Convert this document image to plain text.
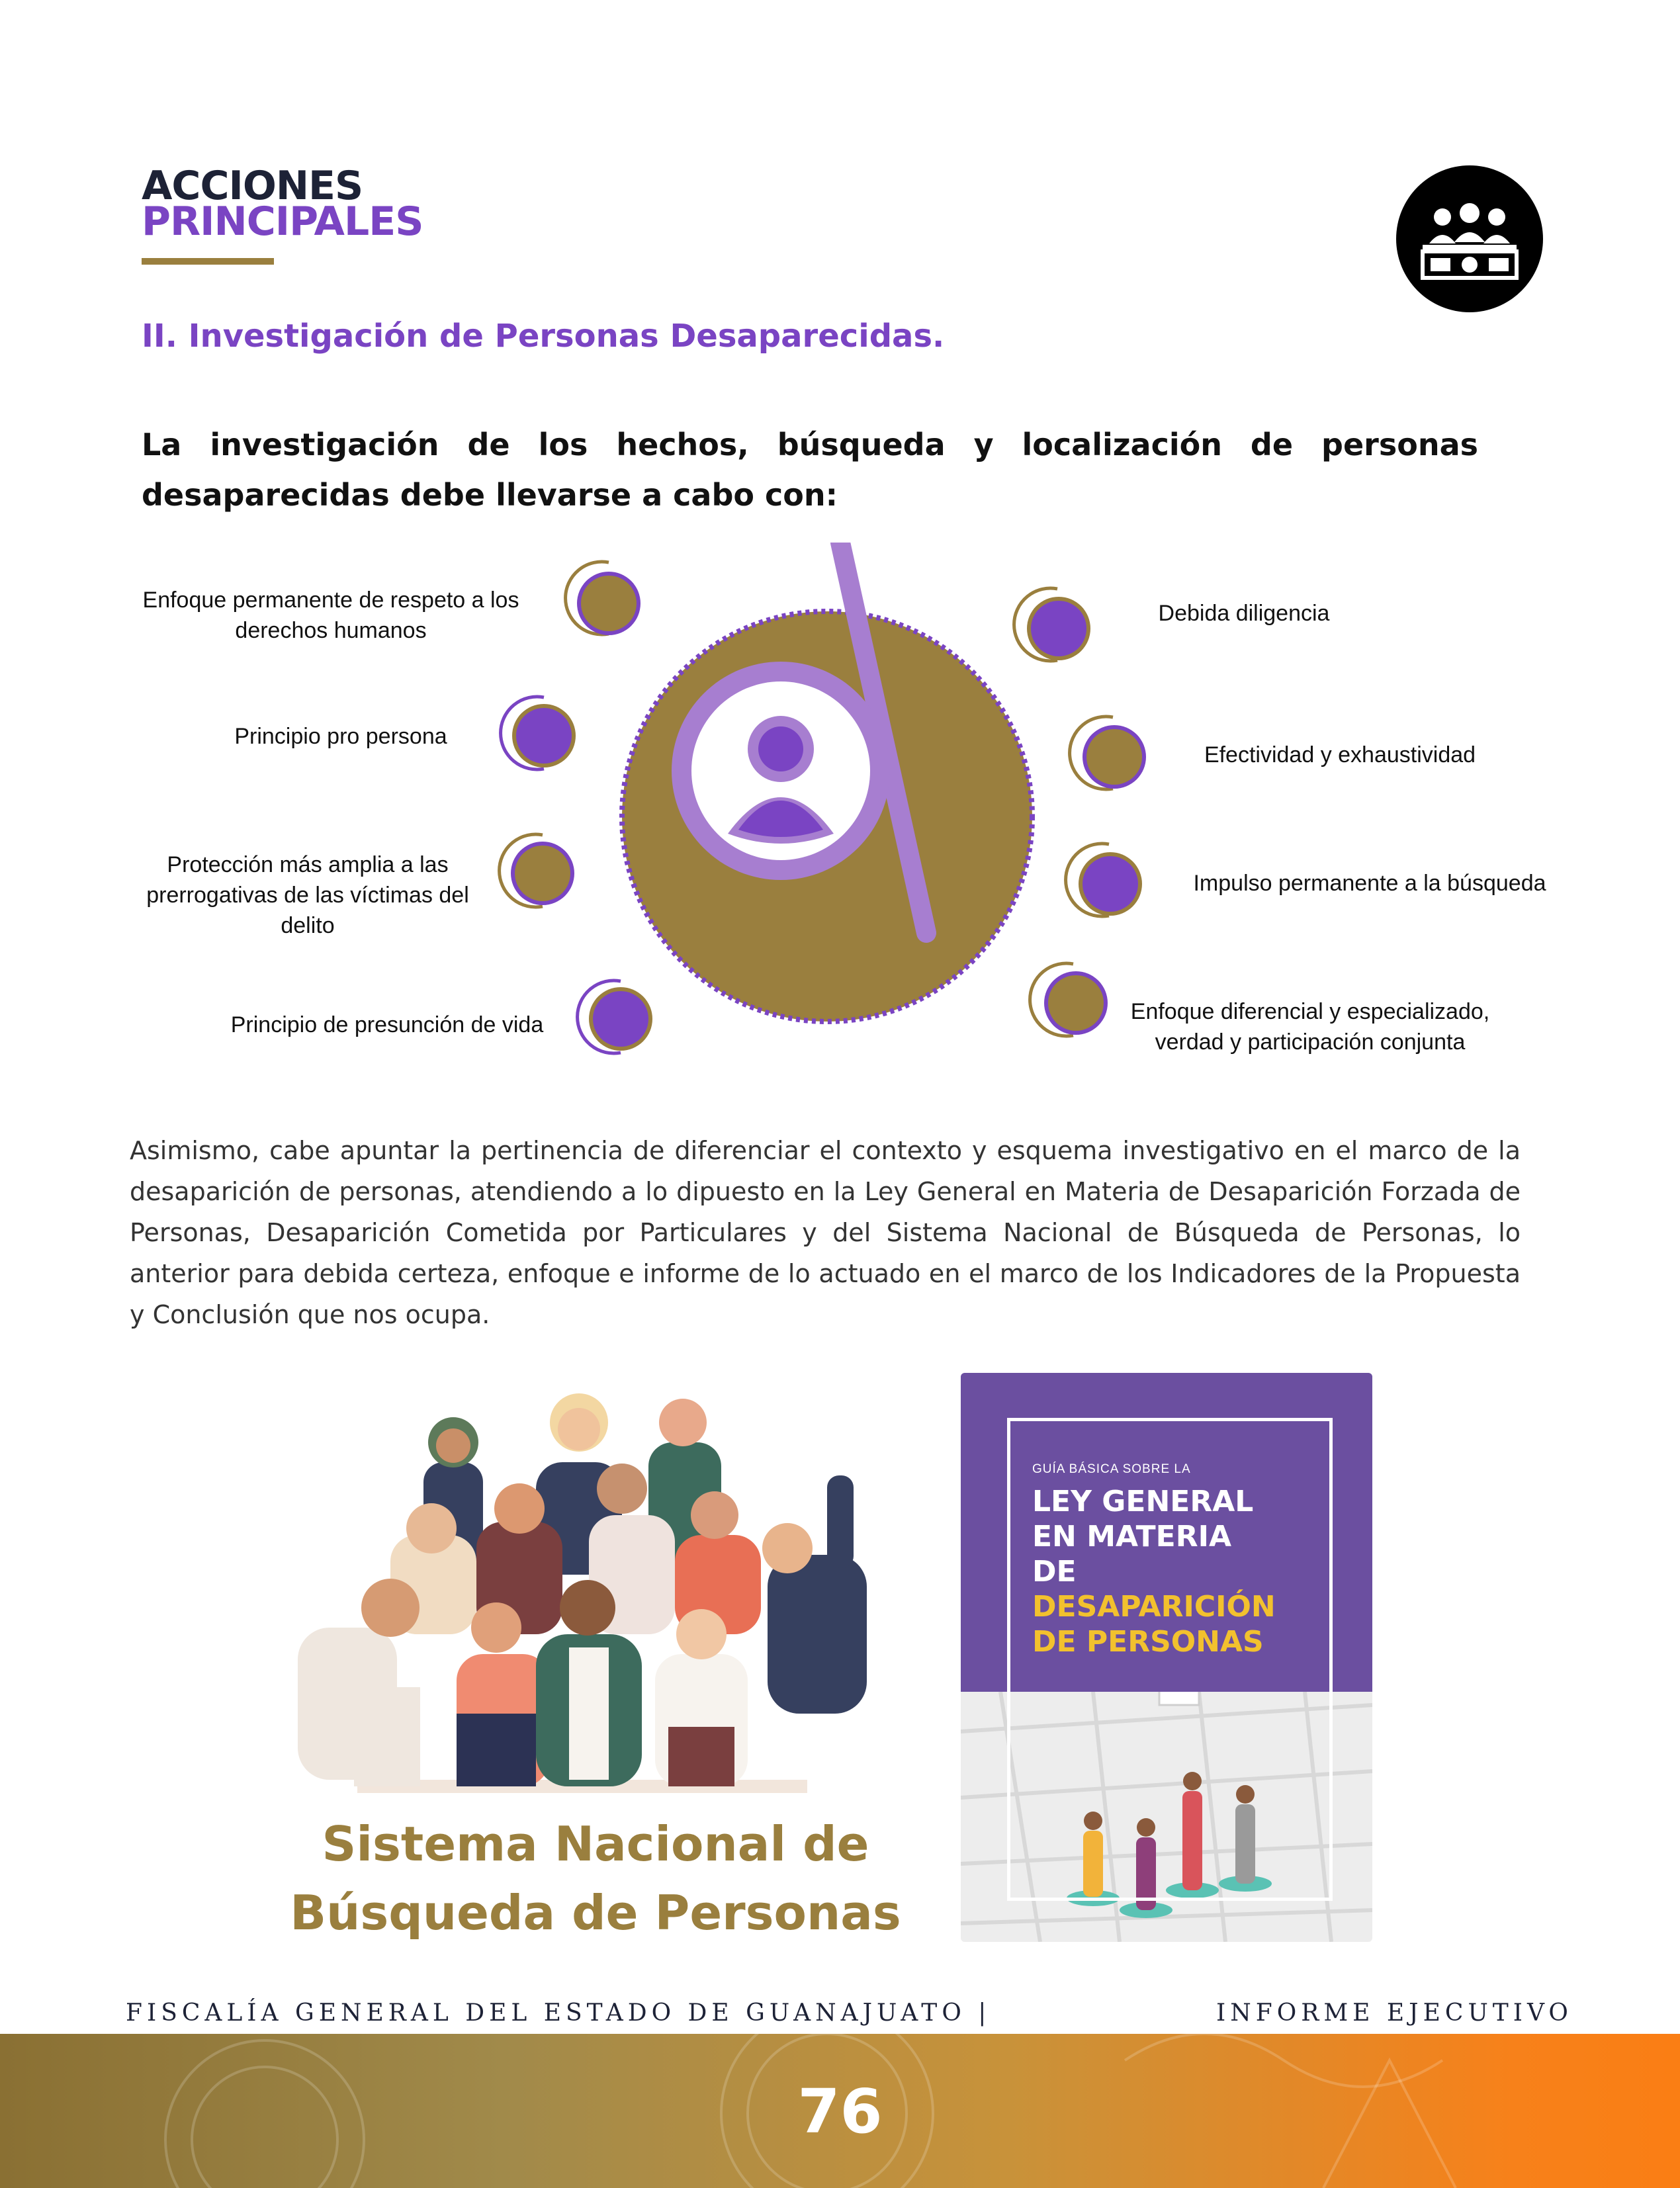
ACCIONES
PRINCIPALES
II. Investigación de Personas Desaparecidas.
La investigación de los hechos, búsqueda y localización de personas desaparecidas debe llevarse a cabo con:
Enfoque permanente de respeto a los derechos humanos
Principio pro persona
Protección más amplia a las prerrogativas de las víctimas del delito
Principio de presunción de vida
Debida diligencia
Efectividad y exhaustividad
Impulso permanente a la búsqueda
Enfoque diferencial y especializado, verdad y participación conjunta
Asimismo, cabe apuntar la pertinencia de diferenciar el contexto y esquema investigativo en el marco de la desaparición de personas, atendiendo a lo dipuesto en la Ley General en Materia de Desaparición Forzada de Personas, Desaparición Cometida por Particulares y del Sistema Nacional de Búsqueda de Personas, lo anterior para debida certeza, enfoque e informe de lo actuado en el marco de los Indicadores de la Propuesta y Conclusión que nos ocupa.
Sistema Nacional de
Búsqueda de Personas
GUÍA BÁSICA SOBRE LA
LEY GENERAL
EN MATERIA
DE
DESAPARICIÓN
DE PERSONAS
FISCALÍA GENERAL DEL ESTADO DE GUANAJUATO |	INFORME EJECUTIVO
76
